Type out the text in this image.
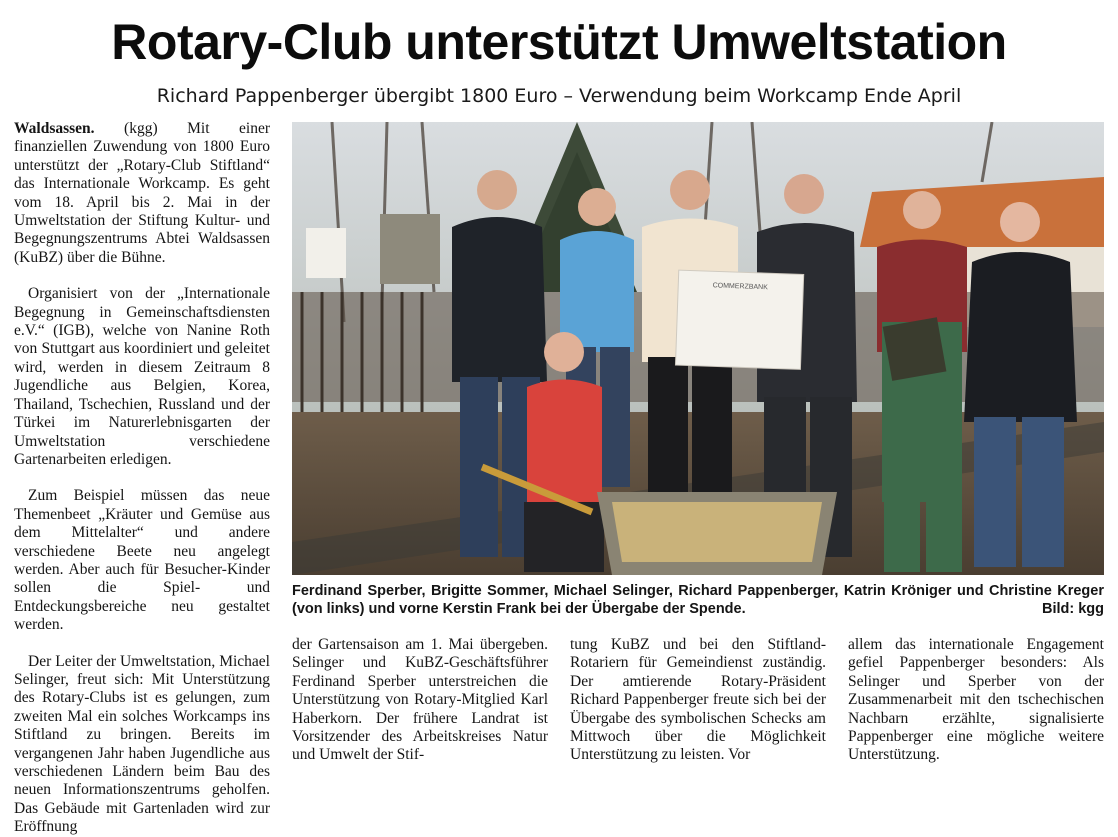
Rotary-Club unterstützt Umweltstation
Richard Pappenberger übergibt 1800 Euro – Verwendung beim Workcamp Ende April

Waldsassen. (kgg) Mit einer finanziellen Zuwendung von 1800 Euro unterstützt der „Rotary-Club Stiftland“ das Internationale Workcamp. Es geht vom 18. April bis 2. Mai in der Umweltstation der Stiftung Kultur- und Begegnungszentrums Abtei Waldsassen (KuBZ) über die Bühne.

Organisiert von der „Internationale Begegnung in Gemeinschaftsdiensten e.V.“ (IGB), welche von Nanine Roth von Stuttgart aus koordiniert und geleitet wird, werden in diesem Zeitraum 8 Jugendliche aus Belgien, Korea, Thailand, Tschechien, Russland und der Türkei im Naturerlebnisgarten der Umweltstation verschiedene Gartenarbeiten erledigen.

Zum Beispiel müssen das neue Themenbeet „Kräuter und Gemüse aus dem Mittelalter“ und andere verschiedene Beete neu angelegt werden. Aber auch für Besucher-Kinder sollen die Spiel- und Entdeckungsbereiche neu gestaltet werden.

Der Leiter der Umweltstation, Michael Selinger, freut sich: Mit Unterstützung des Rotary-Clubs ist es gelungen, zum zweiten Mal ein solches Workcamps ins Stiftland zu bringen. Bereits im vergangenen Jahr haben Jugendliche aus verschiedenen Ländern beim Bau des neuen Informationszentrums geholfen. Das Gebäude mit Gartenladen wird zur Eröffnung

COMMERZBANK
Ferdinand Sperber, Brigitte Sommer, Michael Selinger, Richard Pappenberger, Katrin Kröniger und Christine Kreger (von links) und vorne Kerstin Frank bei der Übergabe der Spende.	Bild: kgg

der Gartensaison am 1. Mai übergeben. Selinger und KuBZ-Geschäftsführer Ferdinand Sperber unterstreichen die Unterstützung von Rotary-Mitglied Karl Haberkorn. Der frühere Landrat ist Vorsitzender des Arbeitskreises Natur und Umwelt der Stif-

tung KuBZ und bei den Stiftland-Rotariern für Gemeindienst zuständig. Der amtierende Rotary-Präsident Richard Pappenberger freute sich bei der Übergabe des symbolischen Schecks am Mittwoch über die Möglichkeit Unterstützung zu leisten. Vor

allem das internationale Engagement gefiel Pappenberger besonders: Als Selinger und Sperber von der Zusammenarbeit mit den tschechischen Nachbarn erzählte, signalisierte Pappenberger eine mögliche weitere Unterstützung.
